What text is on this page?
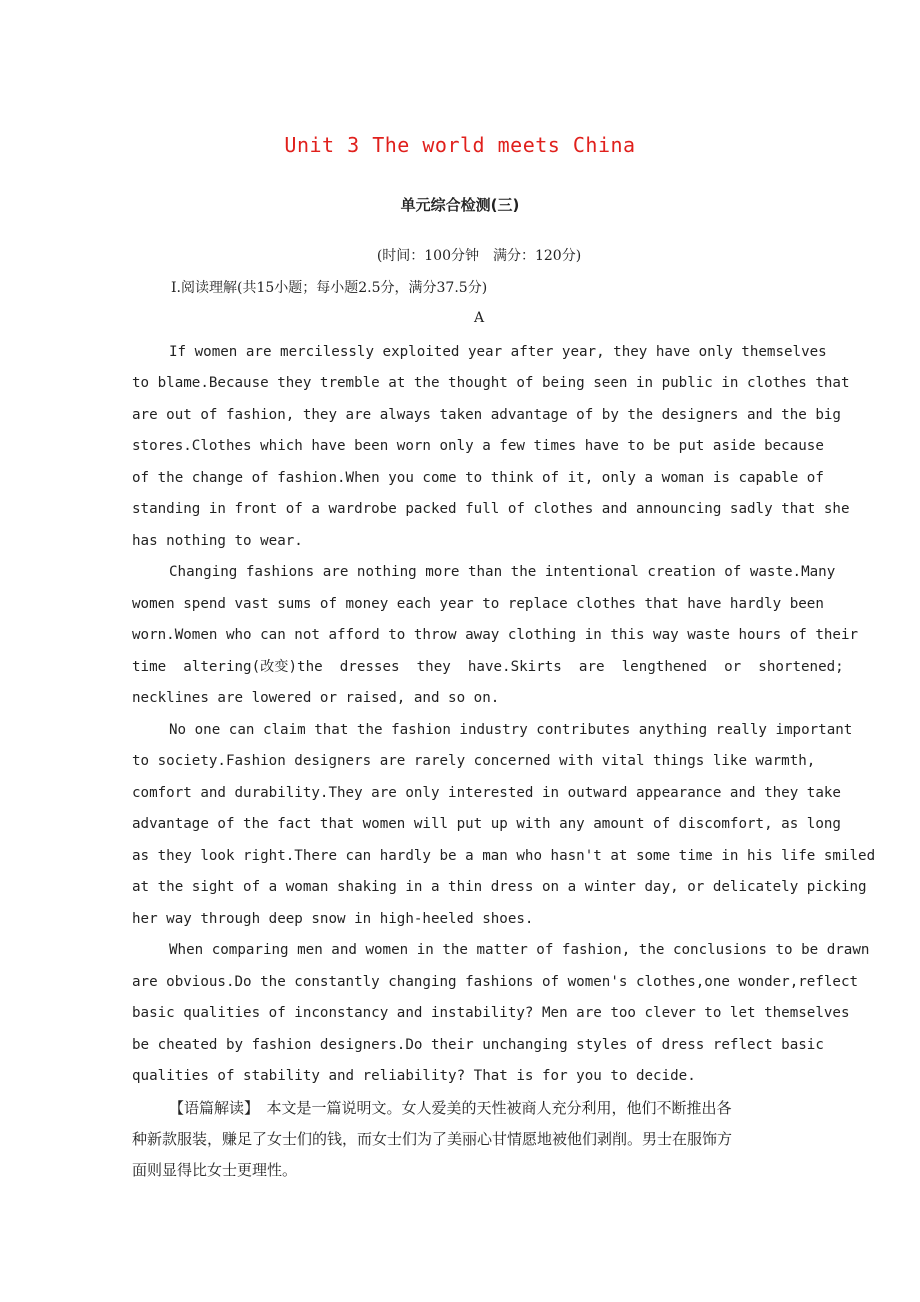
Unit 3 The world meets China
单元综合检测(三)
(时间：100分钟　满分：120分)
Ⅰ.阅读理解(共15小题；每小题2.5分，满分37.5分)
A
If women are mercilessly exploited year after year, they have only themselves
to blame.Because they tremble at the thought of being seen in public in clothes that
are out of fashion, they are always taken advantage of by the designers and the big
stores.Clothes which have been worn only a few times have to be put aside because
of the change of fashion.When you come to think of it, only a woman is capable of
standing in front of a wardrobe packed full of clothes and announcing sadly that she
has nothing to wear.
Changing fashions are nothing more than the intentional creation of waste.Many
women spend vast sums of money each year to replace clothes that have hardly been
worn.Women who can not afford to throw away clothing in this way waste hours of their
time  altering(改变)the  dresses  they  have.Skirts  are  lengthened  or  shortened;
necklines are lowered or raised, and so on.
No one can claim that the fashion industry contributes anything really important
to society.Fashion designers are rarely concerned with vital things like warmth,
comfort and durability.They are only interested in outward appearance and they take
advantage of the fact that women will put up with any amount of discomfort, as long
as they look right.There can hardly be a man who hasn't at some time in his life smiled
at the sight of a woman shaking in a thin dress on a winter day, or delicately picking
her way through deep snow in high-heeled shoes.
When comparing men and women in the matter of fashion, the conclusions to be drawn
are obvious.Do the constantly changing fashions of women's clothes,one wonder,reflect
basic qualities of inconstancy and instability? Men are too clever to let themselves
be cheated by fashion designers.Do their unchanging styles of dress reflect basic
qualities of stability and reliability? That is for you to decide.
【语篇解读】　本文是一篇说明文。女人爱美的天性被商人充分利用，他们不断推出各
种新款服装，赚足了女士们的钱，而女士们为了美丽心甘情愿地被他们剥削。男士在服饰方
面则显得比女士更理性。
